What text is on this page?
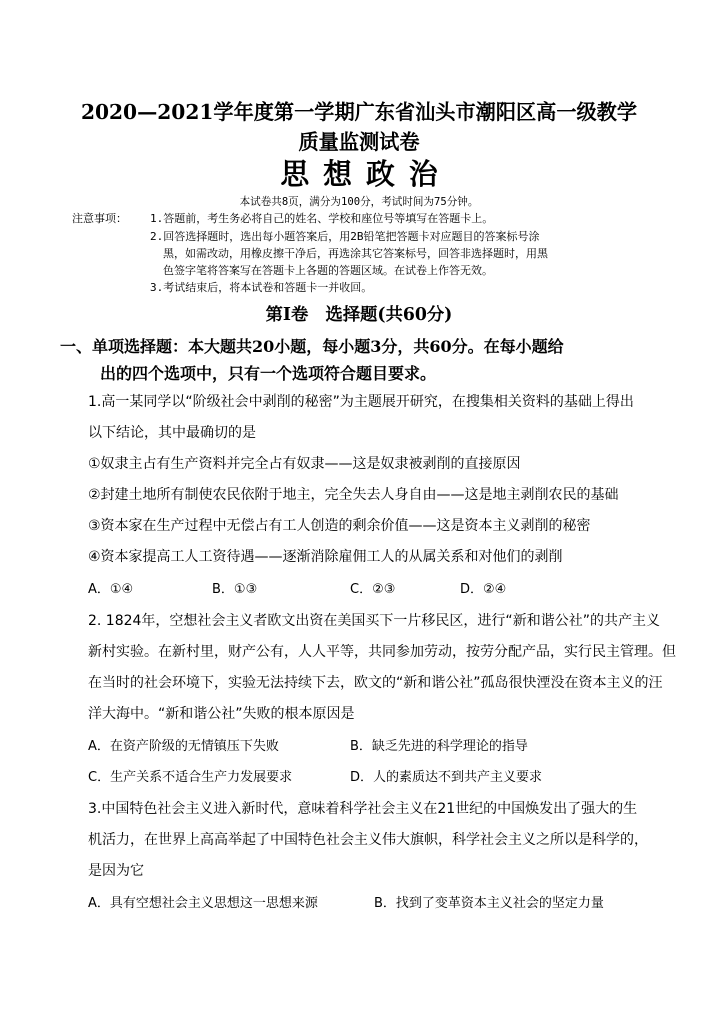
2020—2021学年度第一学期广东省汕头市潮阳区高一级教学
质量监测试卷
思想政治
本试卷共8页，满分为100分，考试时间为75分钟。
注意事项： 1.答题前，考生务必将自己的姓名、学校和座位号等填写在答题卡上。
2.回答选择题时，选出每小题答案后，用2B铅笔把答题卡对应题目的答案标号涂
黑，如需改动，用橡皮擦干净后，再选涂其它答案标号，回答非选择题时，用黑
色签字笔将答案写在答题卡上各题的答题区域。在试卷上作答无效。
3.考试结束后，将本试卷和答题卡一并收回。
第Ⅰ卷　选择题(共60分)
一、单项选择题：本大题共20小题，每小题3分，共60分。在每小题给
出的四个选项中，只有一个选项符合题目要求。
1.高一某同学以“阶级社会中剥削的秘密”为主题展开研究，在搜集相关资料的基础上得出
以下结论，其中最确切的是
①奴隶主占有生产资料并完全占有奴隶——这是奴隶被剥削的直接原因
②封建土地所有制使农民依附于地主，完全失去人身自由——这是地主剥削农民的基础
③资本家在生产过程中无偿占有工人创造的剩余价值——这是资本主义剥削的秘密
④资本家提高工人工资待遇——逐渐消除雇佣工人的从属关系和对他们的剥削
A．①④	B．①③	C．②③	D．②④
2. 1824年，空想社会主义者欧文出资在美国买下一片移民区，进行“新和谐公社”的共产主义
新村实验。在新村里，财产公有，人人平等，共同参加劳动，按劳分配产品，实行民主管理。但
在当时的社会环境下，实验无法持续下去，欧文的“新和谐公社”孤岛很快湮没在资本主义的汪
洋大海中。“新和谐公社”失败的根本原因是
A．在资产阶级的无情镇压下失败	B．缺乏先进的科学理论的指导
C．生产关系不适合生产力发展要求	D．人的素质达不到共产主义要求
3.中国特色社会主义进入新时代，意味着科学社会主义在21世纪的中国焕发出了强大的生
机活力，在世界上高高举起了中国特色社会主义伟大旗帜，科学社会主义之所以是科学的，
是因为它
A．具有空想社会主义思想这一思想来源	B．找到了变革资本主义社会的坚定力量
